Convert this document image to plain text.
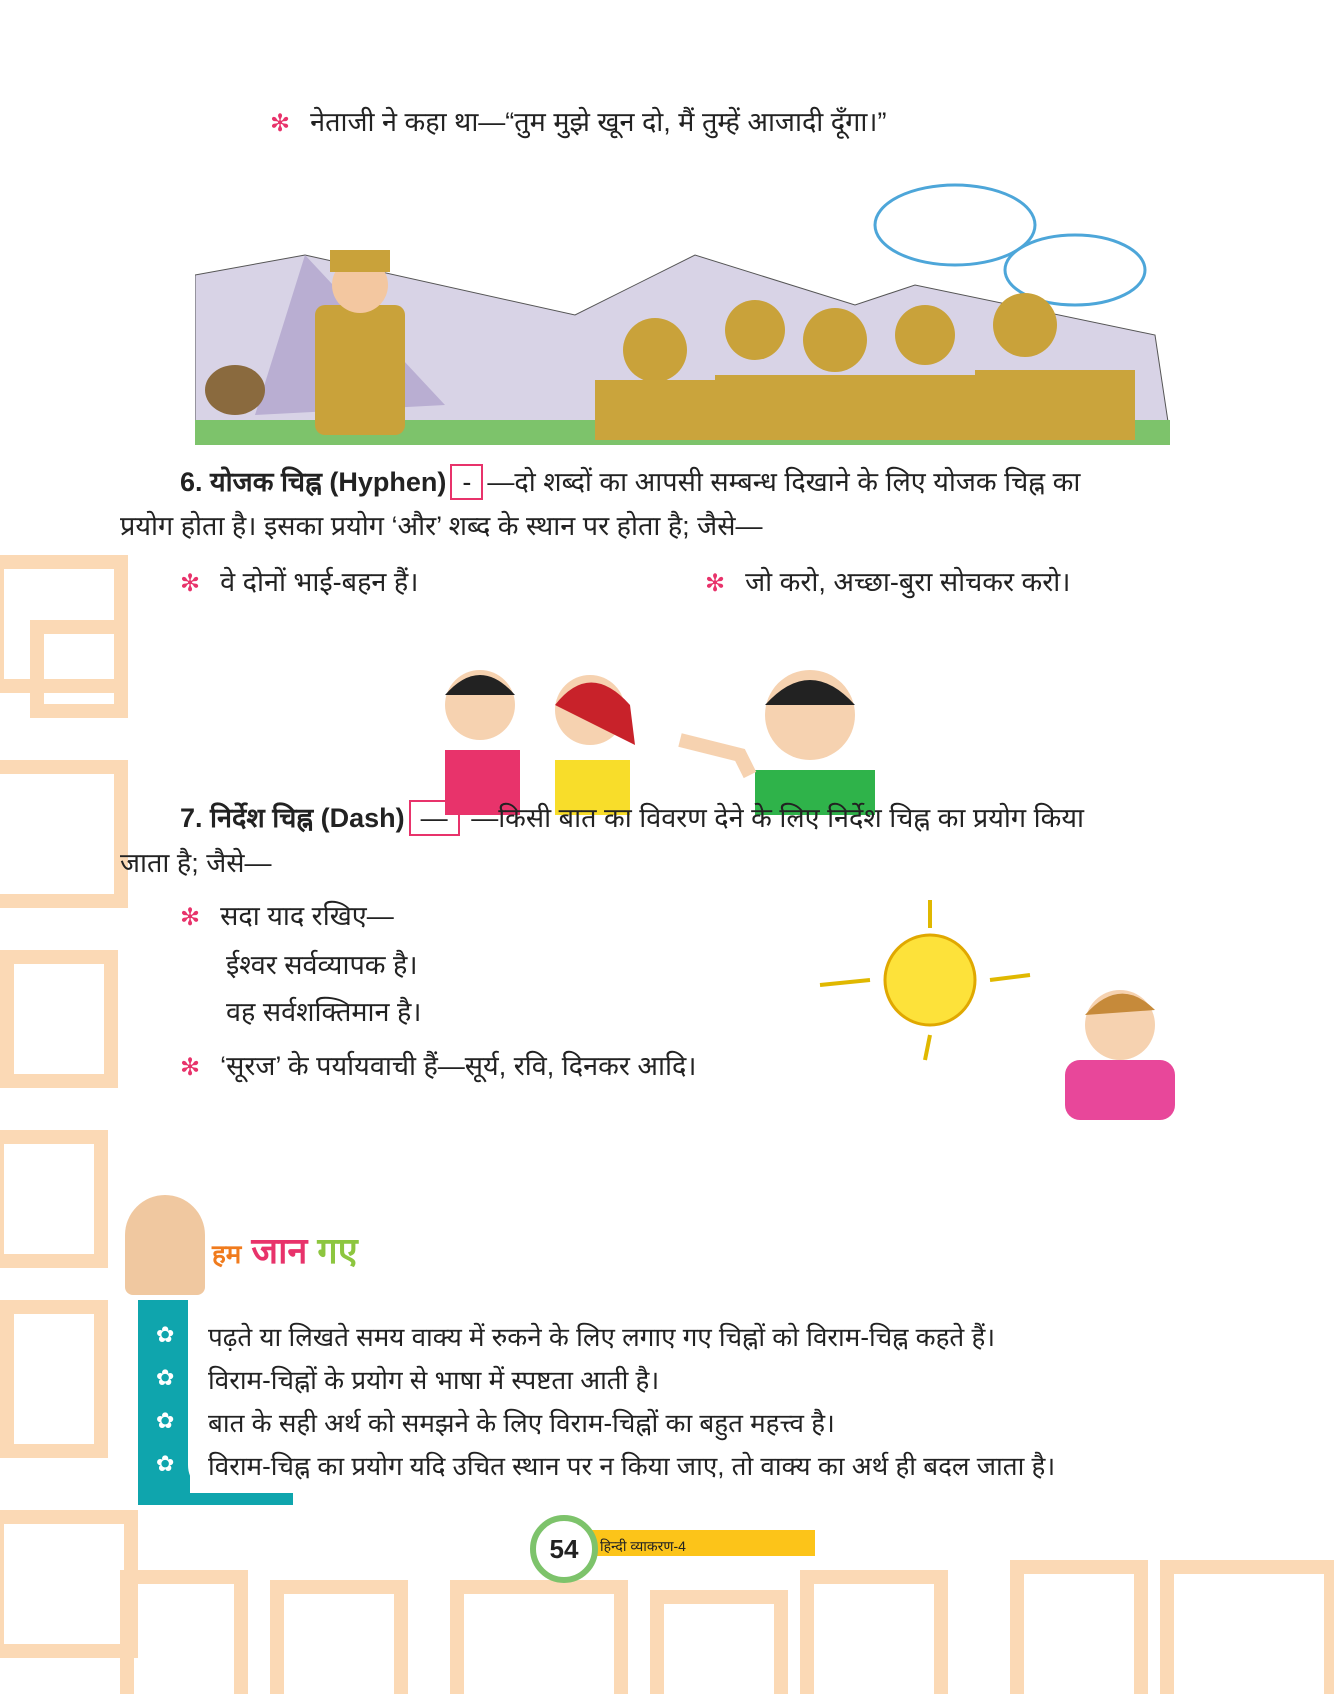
✻ नेताजी ने कहा था—“तुम मुझे खून दो, मैं तुम्हें आजादी दूँगा।”
6. योजक चिह्न (Hyphen) - —दो शब्दों का आपसी सम्बन्ध दिखाने के लिए योजक चिह्न का
प्रयोग होता है। इसका प्रयोग ‘और’ शब्द के स्थान पर होता है; जैसे—
✻ वे दोनों भाई-बहन हैं।	✻ जो करो, अच्छा-बुरा सोचकर करो।
7. निर्देश चिह्न (Dash) — —किसी बात का विवरण देने के लिए निर्देश चिह्न का प्रयोग किया
जाता है; जैसे—
✻ सदा याद रखिए—
ईश्वर सर्वव्यापक है।
वह सर्वशक्तिमान है।
✻ ‘सूरज’ के पर्यायवाची हैं—सूर्य, रवि, दिनकर आदि।
हम जान गए
✿ पढ़ते या लिखते समय वाक्य में रुकने के लिए लगाए गए चिह्नों को विराम-चिह्न कहते हैं।
✿ विराम-चिह्नों के प्रयोग से भाषा में स्पष्टता आती है।
✿ बात के सही अर्थ को समझने के लिए विराम-चिह्नों का बहुत महत्त्व है।
✿ विराम-चिह्न का प्रयोग यदि उचित स्थान पर न किया जाए, तो वाक्य का अर्थ ही बदल जाता है।
54	हिन्दी व्याकरण-4
